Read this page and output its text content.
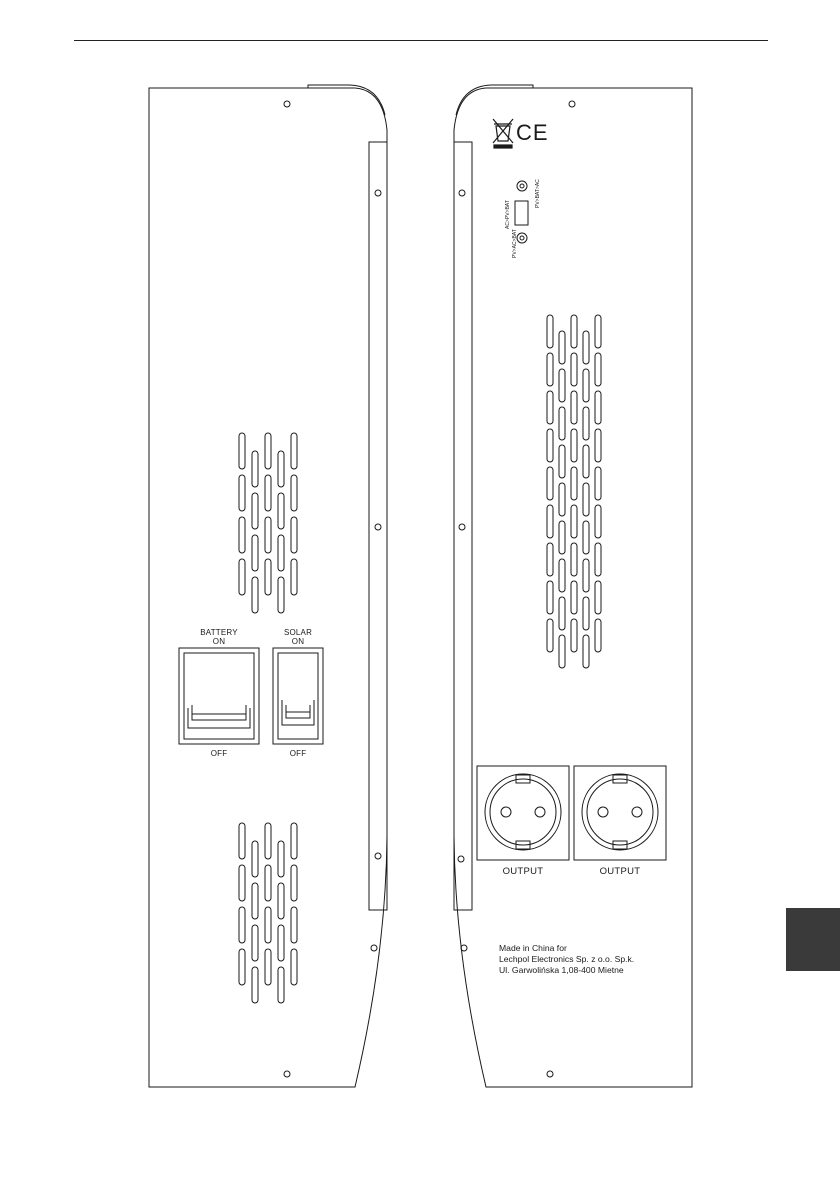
CE
BATTERY
ON
OFF
SOLAR
ON
OFF
AC>PV>BAT
PV>AC>BAT
PV>BAT>AC
OUTPUT	OUTPUT
Made in China for
Lechpol Electronics Sp. z o.o. Sp.k.
Ul. Garwolińska 1,08-400 Mietne
